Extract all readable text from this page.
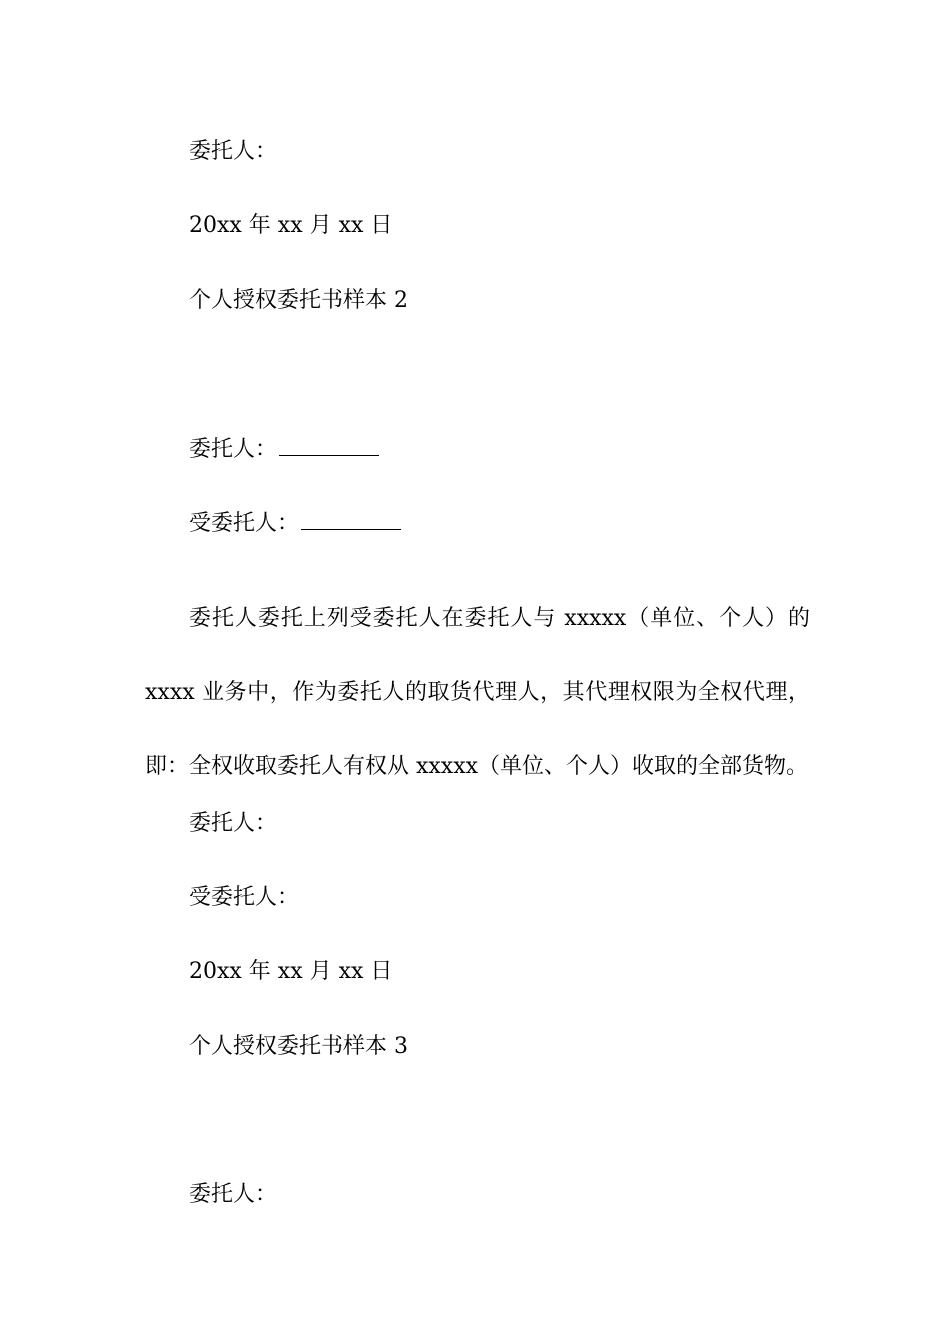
委托人：

20xx 年 xx 月 xx 日

个人授权委托书样本 2

委托人：

受委托人：

委托人委托上列受委托人在委托人与 xxxxx（单位、个人）的 xxxx 业务中，作为委托人的取货代理人，其代理权限为全权代理，即：全权收取委托人有权从 xxxxx（单位、个人）收取的全部货物。

委托人：

受委托人：

20xx 年 xx 月 xx 日

个人授权委托书样本 3

委托人：
